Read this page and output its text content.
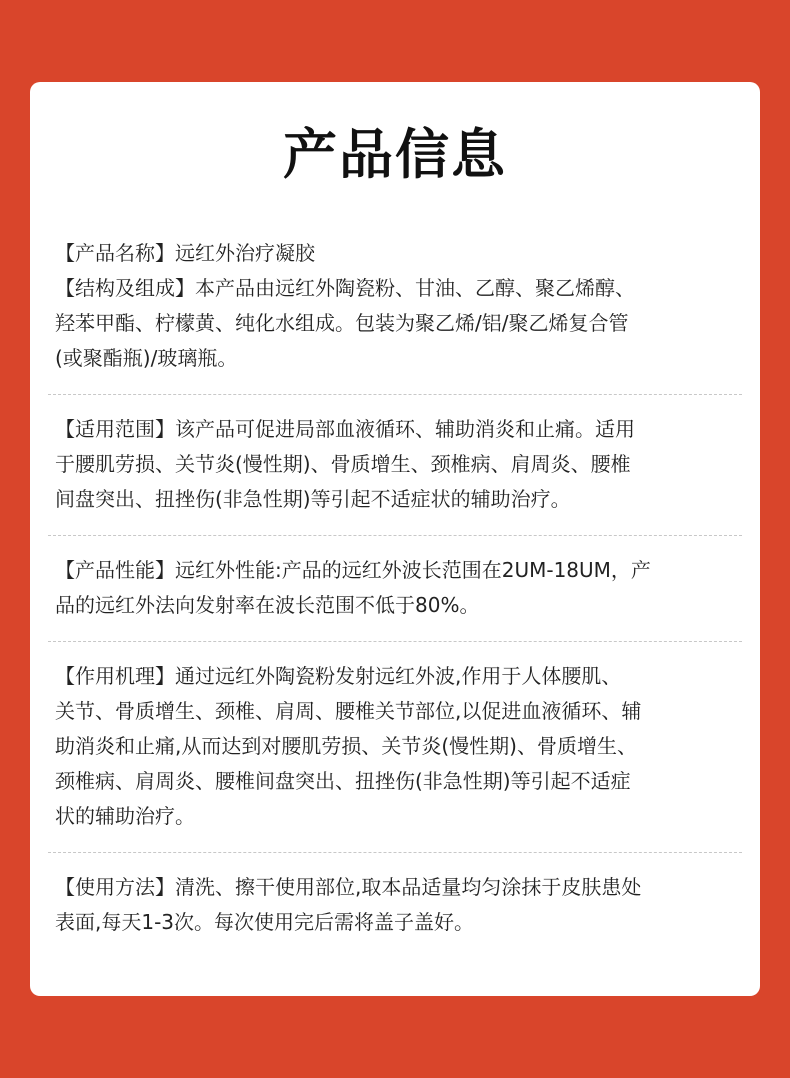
产品信息

【产品名称】远红外治疗凝胶

【结构及组成】本产品由远红外陶瓷粉、甘油、乙醇、聚乙烯醇、
羟苯甲酯、柠檬黄、纯化水组成。包装为聚乙烯/铝/聚乙烯复合管
(或聚酯瓶)/玻璃瓶。

【适用范围】该产品可促进局部血液循环、辅助消炎和止痛。适用
于腰肌劳损、关节炎(慢性期)、骨质增生、颈椎病、肩周炎、腰椎
间盘突出、扭挫伤(非急性期)等引起不适症状的辅助治疗。

【产品性能】远红外性能:产品的远红外波长范围在2UM-18UM，产
品的远红外法向发射率在波长范围不低于80%。

【作用机理】通过远红外陶瓷粉发射远红外波,作用于人体腰肌、
关节、骨质增生、颈椎、肩周、腰椎关节部位,以促进血液循环、辅
助消炎和止痛,从而达到对腰肌劳损、关节炎(慢性期)、骨质增生、
颈椎病、肩周炎、腰椎间盘突出、扭挫伤(非急性期)等引起不适症
状的辅助治疗。

【使用方法】清洗、擦干使用部位,取本品适量均匀涂抹于皮肤患处
表面,每天1-3次。每次使用完后需将盖子盖好。
